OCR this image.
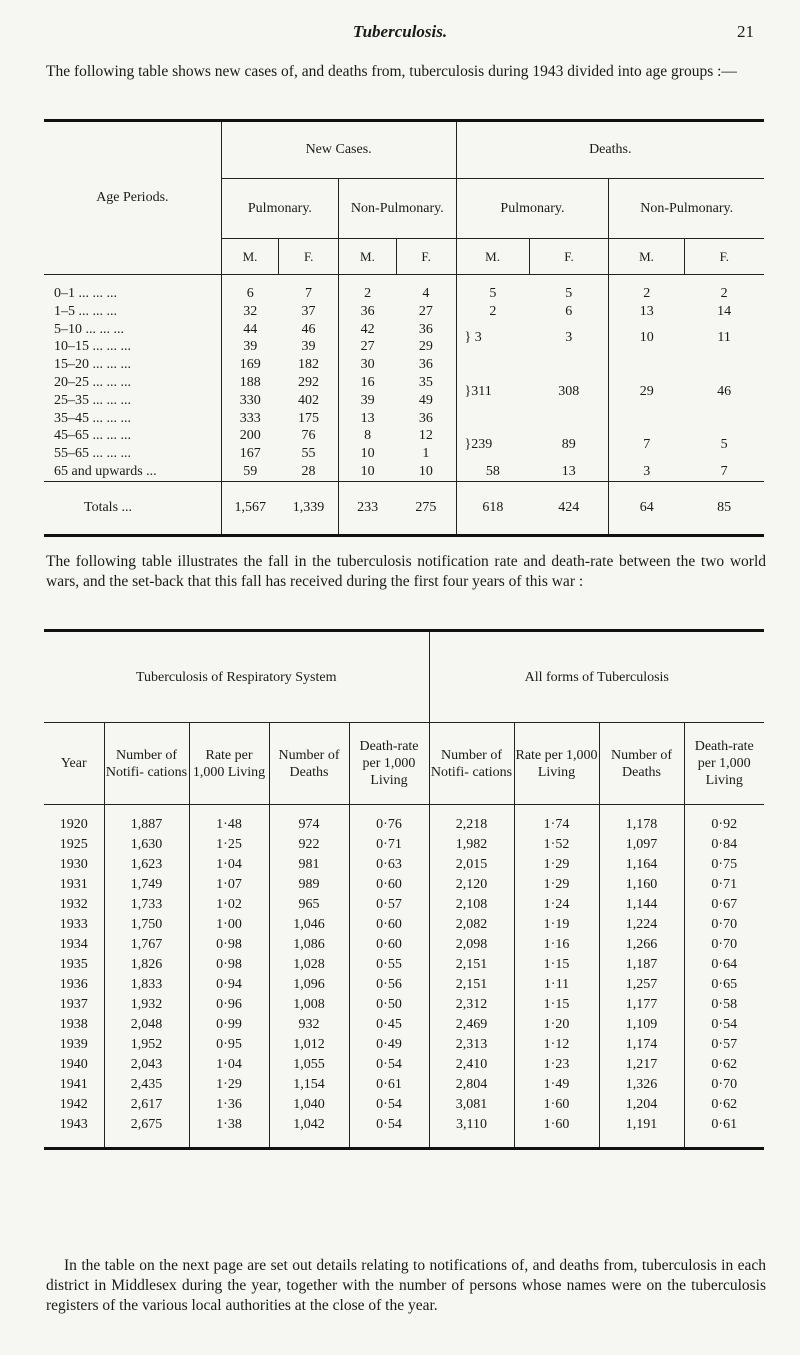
Tuberculosis.	21
The following table shows new cases of, and deaths from, tuberculosis during 1943 divided into age groups :—
Age Periods.	New Cases.				Deaths.			
	Pulmonary.		Non-Pulmonary.		Pulmonary.		Non-Pulmonary.	
	M.	F.	M.	F.	M.	F.	M.	F.
0–1 ... ... ...	6	7	2	4	5	5	2	2
1–5 ... ... ...	32	37	36	27	2	6	13	14
5–10 ... ... ...	44	46	42	36	} 3	3	10	11
10–15 ... ... ...	39	39	27	29				
15–20 ... ... ...	169	182	30	36	}311	308	29	46
20–25 ... ... ...	188	292	16	35				
25–35 ... ... ...	330	402	39	49				
35–45 ... ... ...	333	175	13	36				
45–65 ... ... ...	200	76	8	12	}239	89	7	5
55–65 ... ... ...	167	55	10	1				
65 and upwards ...	59	28	10	10	58	13	3	7
Totals ...	1,567	1,339	233	275	618	424	64	85
The following table illustrates the fall in the tuberculosis notification rate and death-rate between the two world wars, and the set-back that this fall has received during the first four years of this war :
Tuberculosis of Respiratory System					All forms of Tuberculosis			
Year	Number of Notifi- cations	Rate per 1,000 Living	Number of Deaths	Death-rate per 1,000 Living	Number of Notifi- cations	Rate per 1,000 Living	Number of Deaths	Death-rate per 1,000 Living
1920	1,887	1·48	974	0·76	2,218	1·74	1,178	0·92
1925	1,630	1·25	922	0·71	1,982	1·52	1,097	0·84
1930	1,623	1·04	981	0·63	2,015	1·29	1,164	0·75
1931	1,749	1·07	989	0·60	2,120	1·29	1,160	0·71
1932	1,733	1·02	965	0·57	2,108	1·24	1,144	0·67
1933	1,750	1·00	1,046	0·60	2,082	1·19	1,224	0·70
1934	1,767	0·98	1,086	0·60	2,098	1·16	1,266	0·70
1935	1,826	0·98	1,028	0·55	2,151	1·15	1,187	0·64
1936	1,833	0·94	1,096	0·56	2,151	1·11	1,257	0·65
1937	1,932	0·96	1,008	0·50	2,312	1·15	1,177	0·58
1938	2,048	0·99	932	0·45	2,469	1·20	1,109	0·54
1939	1,952	0·95	1,012	0·49	2,313	1·12	1,174	0·57
1940	2,043	1·04	1,055	0·54	2,410	1·23	1,217	0·62
1941	2,435	1·29	1,154	0·61	2,804	1·49	1,326	0·70
1942	2,617	1·36	1,040	0·54	3,081	1·60	1,204	0·62
1943	2,675	1·38	1,042	0·54	3,110	1·60	1,191	0·61
In the table on the next page are set out details relating to notifications of, and deaths from, tuberculosis in each district in Middlesex during the year, together with the number of persons whose names were on the tuberculosis registers of the various local authorities at the close of the year.
